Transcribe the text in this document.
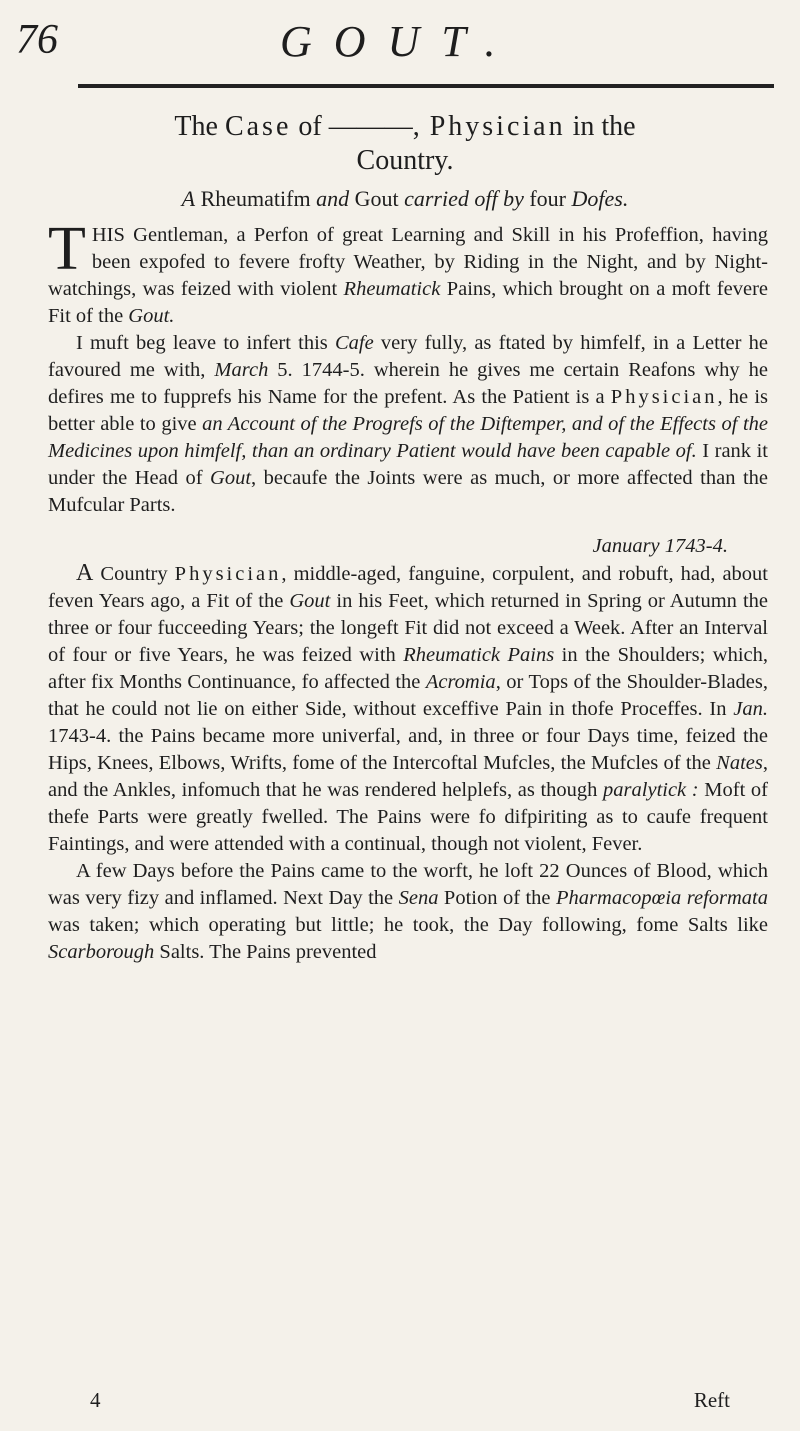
76	GOUT.
The Case of ———, Physician in the
Country.
A Rheumatifm and Gout carried off by four Dofes.

THIS Gentleman, a Perfon of great Learning and Skill in his Profeffion, having been expofed to fevere frofty Weather, by Riding in the Night, and by Night-watchings, was feized with violent Rheumatick Pains, which brought on a moft fevere Fit of the Gout.

I muft beg leave to infert this Cafe very fully, as ftated by himfelf, in a Letter he favoured me with, March 5. 1744-5. wherein he gives me certain Reafons why he defires me to fupprefs his Name for the prefent. As the Patient is a Physician, he is better able to give an Account of the Progrefs of the Diftemper, and of the Effects of the Medicines upon himfelf, than an ordinary Patient would have been capable of. I rank it under the Head of Gout, becaufe the Joints were as much, or more affected than the Mufcular Parts.

January 1743-4.

A Country Physician, middle-aged, fanguine, corpulent, and robuft, had, about feven Years ago, a Fit of the Gout in his Feet, which returned in Spring or Autumn the three or four fucceeding Years; the longeft Fit did not exceed a Week. After an Interval of four or five Years, he was feized with Rheumatick Pains in the Shoulders; which, after fix Months Continuance, fo affected the Acromia, or Tops of the Shoulder-Blades, that he could not lie on either Side, without exceffive Pain in thofe Proceffes. In Jan. 1743-4. the Pains became more univerfal, and, in three or four Days time, feized the Hips, Knees, Elbows, Wrifts, fome of the Intercoftal Mufcles, the Mufcles of the Nates, and the Ankles, infomuch that he was rendered helplefs, as though paralytick : Moft of thefe Parts were greatly fwelled. The Pains were fo difpiriting as to caufe frequent Faintings, and were attended with a continual, though not violent, Fever.

A few Days before the Pains came to the worft, he loft 22 Ounces of Blood, which was very fizy and inflamed. Next Day the Sena Potion of the Pharmacopœia reformata was taken; which operating but little; he took, the Day following, fome Salts like Scarborough Salts. The Pains prevented

4	Reft
